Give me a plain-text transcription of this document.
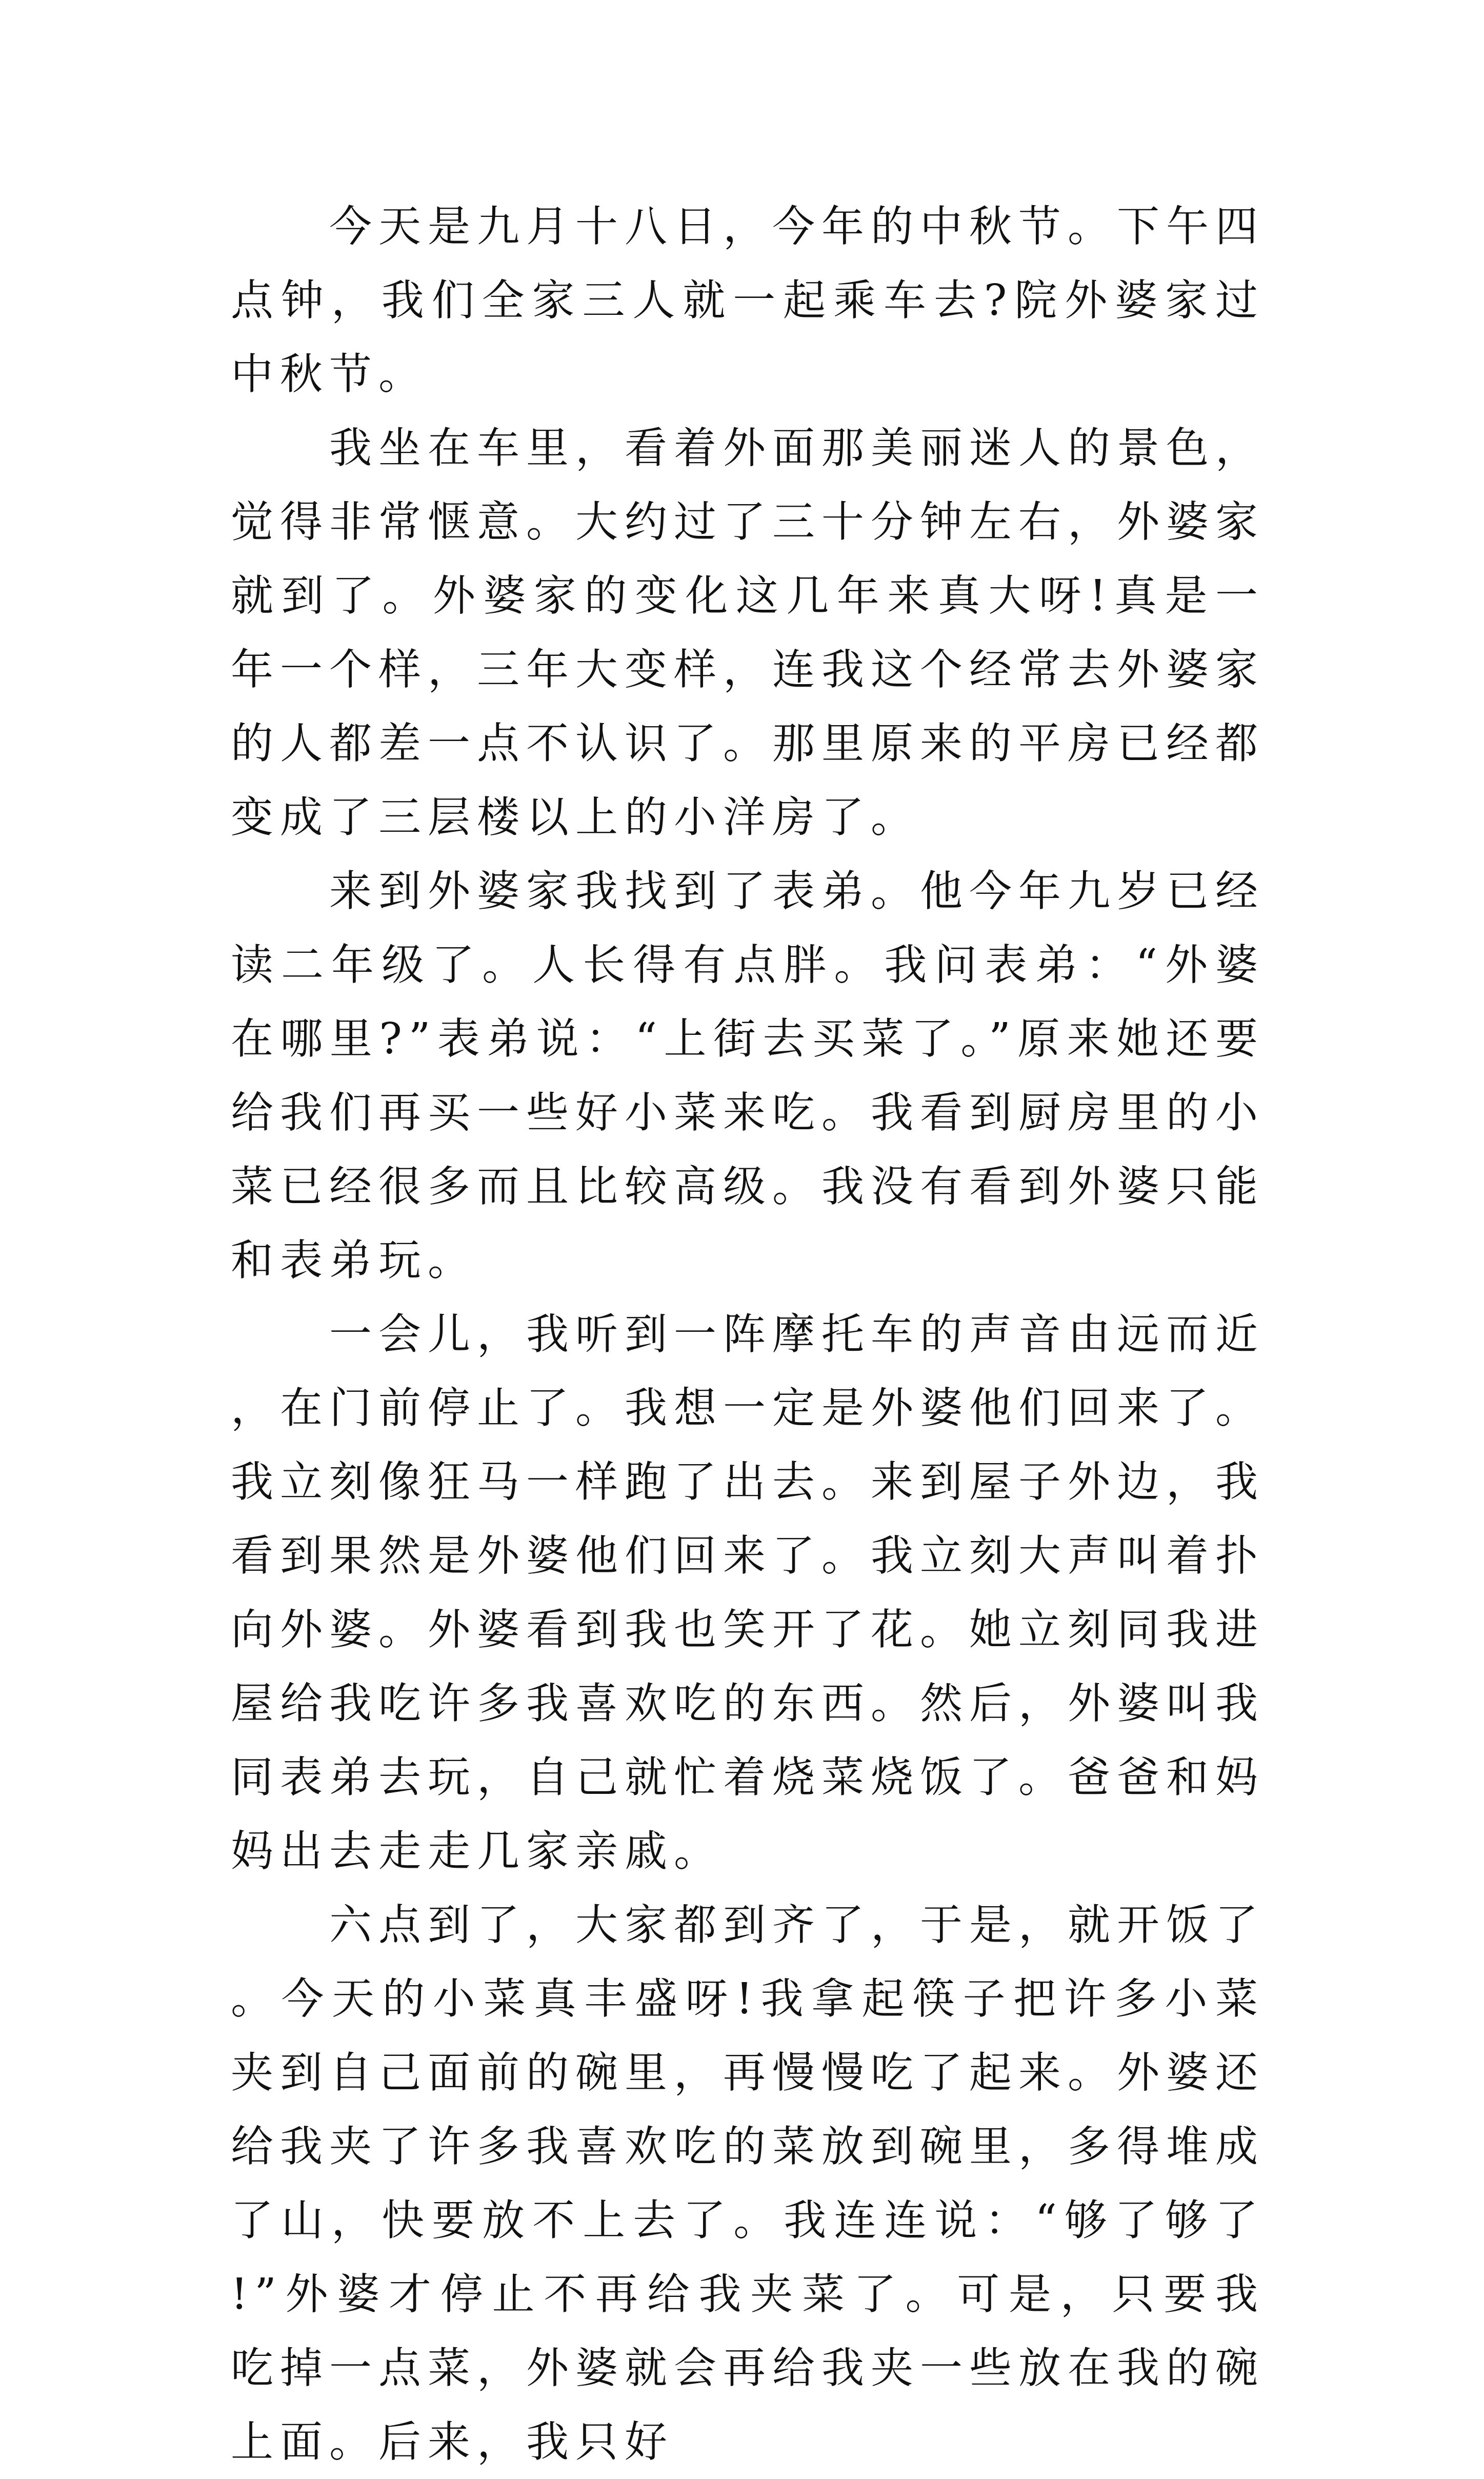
今天是九月十八日，今年的中秋节。下午四点钟，我们全家三人就一起乘车去?院外婆家过中秋节。

我坐在车里，看着外面那美丽迷人的景色，觉得非常惬意。大约过了三十分钟左右，外婆家就到了。外婆家的变化这几年来真大呀!真是一年一个样，三年大变样，连我这个经常去外婆家的人都差一点不认识了。那里原来的平房已经都变成了三层楼以上的小洋房了。

来到外婆家我找到了表弟。他今年九岁已经读二年级了。人长得有点胖。我问表弟：“外婆在哪里?”表弟说：“上街去买菜了。”原来她还要给我们再买一些好小菜来吃。我看到厨房里的小菜已经很多而且比较高级。我没有看到外婆只能和表弟玩。

一会儿，我听到一阵摩托车的声音由远而近，在门前停止了。我想一定是外婆他们回来了。我立刻像狂马一样跑了出去。来到屋子外边，我看到果然是外婆他们回来了。我立刻大声叫着扑向外婆。外婆看到我也笑开了花。她立刻同我进屋给我吃许多我喜欢吃的东西。然后，外婆叫我同表弟去玩，自己就忙着烧菜烧饭了。爸爸和妈妈出去走走几家亲戚。

六点到了，大家都到齐了，于是，就开饭了。今天的小菜真丰盛呀!我拿起筷子把许多小菜夹到自己面前的碗里，再慢慢吃了起来。外婆还给我夹了许多我喜欢吃的菜放到碗里，多得堆成了山，快要放不上去了。我连连说：“够了够了!”外婆才停止不再给我夹菜了。可是，只要我吃掉一点菜，外婆就会再给我夹一些放在我的碗上面。后来，我只好
